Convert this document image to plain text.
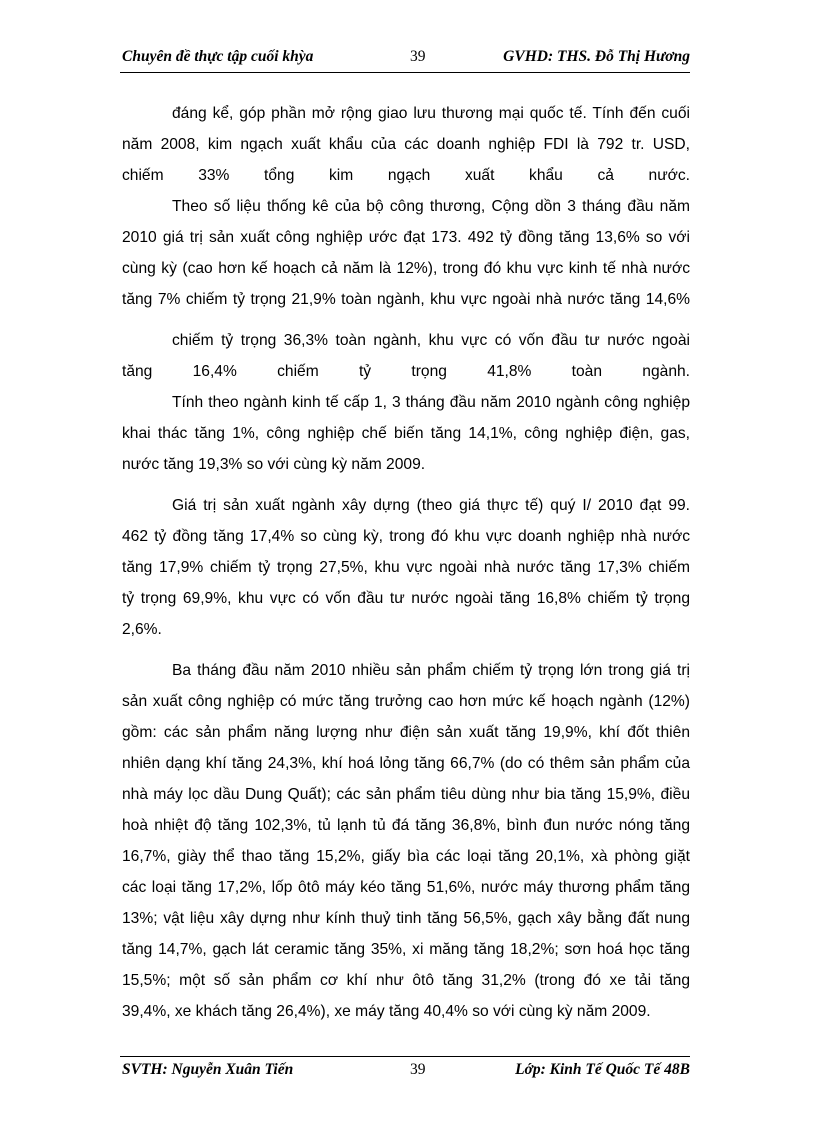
Chuyên đề thực tập cuối khỳa	39	GVHD: THS. Đỗ Thị Hương

đáng kể, góp phần mở rộng giao lưu thương mại quốc tế. Tính đến cuối
năm 2008, kim ngạch xuất khẩu của các doanh nghiệp FDI là 792 tr. USD,
chiếm 33% tổng kim ngạch xuất khẩu cả nước.

Theo số liệu thống kê của bộ công thương, Cộng dồn 3 tháng đầu năm
2010 giá trị sản xuất công nghiệp ước đạt 173. 492 tỷ đồng tăng 13,6% so với
cùng kỳ (cao hơn kế hoạch cả năm là 12%), trong đó khu vực kinh tế nhà nước
tăng 7% chiếm tỷ trọng 21,9% toàn ngành, khu vực ngoài nhà nước tăng 14,6%

chiếm tỷ trọng 36,3% toàn ngành, khu vực có vốn đầu tư nước ngoài
tăng 16,4% chiếm tỷ trọng 41,8% toàn ngành.

Tính theo ngành kinh tế cấp 1, 3 tháng đầu năm 2010 ngành công nghiệp
khai thác tăng 1%, công nghiệp chế biến tăng 14,1%, công nghiệp điện, gas,
nước tăng 19,3% so với cùng kỳ năm 2009.

Giá trị sản xuất ngành xây dựng (theo giá thực tế) quý I/ 2010 đạt 99.
462 tỷ đồng tăng 17,4% so cùng kỳ, trong đó khu vực doanh nghiệp nhà nước
tăng 17,9% chiếm tỷ trọng 27,5%, khu vực ngoài nhà nước tăng 17,3% chiếm
tỷ trọng 69,9%, khu vực có vốn đầu tư nước ngoài tăng 16,8% chiếm tỷ trọng
2,6%.

Ba tháng đầu năm 2010 nhiều sản phẩm chiếm tỷ trọng lớn trong giá trị
sản xuất công nghiệp có mức tăng trưởng cao hơn mức kế hoạch ngành (12%)
gồm: các sản phẩm năng lượng như điện sản xuất tăng 19,9%, khí đốt thiên
nhiên dạng khí tăng 24,3%, khí hoá lỏng tăng 66,7% (do có thêm sản phẩm của
nhà máy lọc dầu Dung Quất); các sản phẩm tiêu dùng như bia tăng 15,9%, điều
hoà nhiệt độ tăng 102,3%, tủ lạnh tủ đá tăng 36,8%, bình đun nước nóng tăng
16,7%, giày thể thao tăng 15,2%, giấy bìa các loại tăng 20,1%, xà phòng giặt
các loại tăng 17,2%, lốp ôtô máy kéo tăng 51,6%, nước máy thương phẩm tăng
13%; vật liệu xây dựng như kính thuỷ tinh tăng 56,5%, gạch xây bằng đất nung
tăng 14,7%, gạch lát ceramic tăng 35%, xi măng tăng 18,2%; sơn hoá học tăng
15,5%; một số sản phẩm cơ khí như ôtô tăng 31,2% (trong đó xe tải tăng
39,4%, xe khách tăng 26,4%), xe máy tăng 40,4% so với cùng kỳ năm 2009.

SVTH: Nguyễn Xuân Tiến	39	Lớp: Kinh Tế Quốc Tế 48B
